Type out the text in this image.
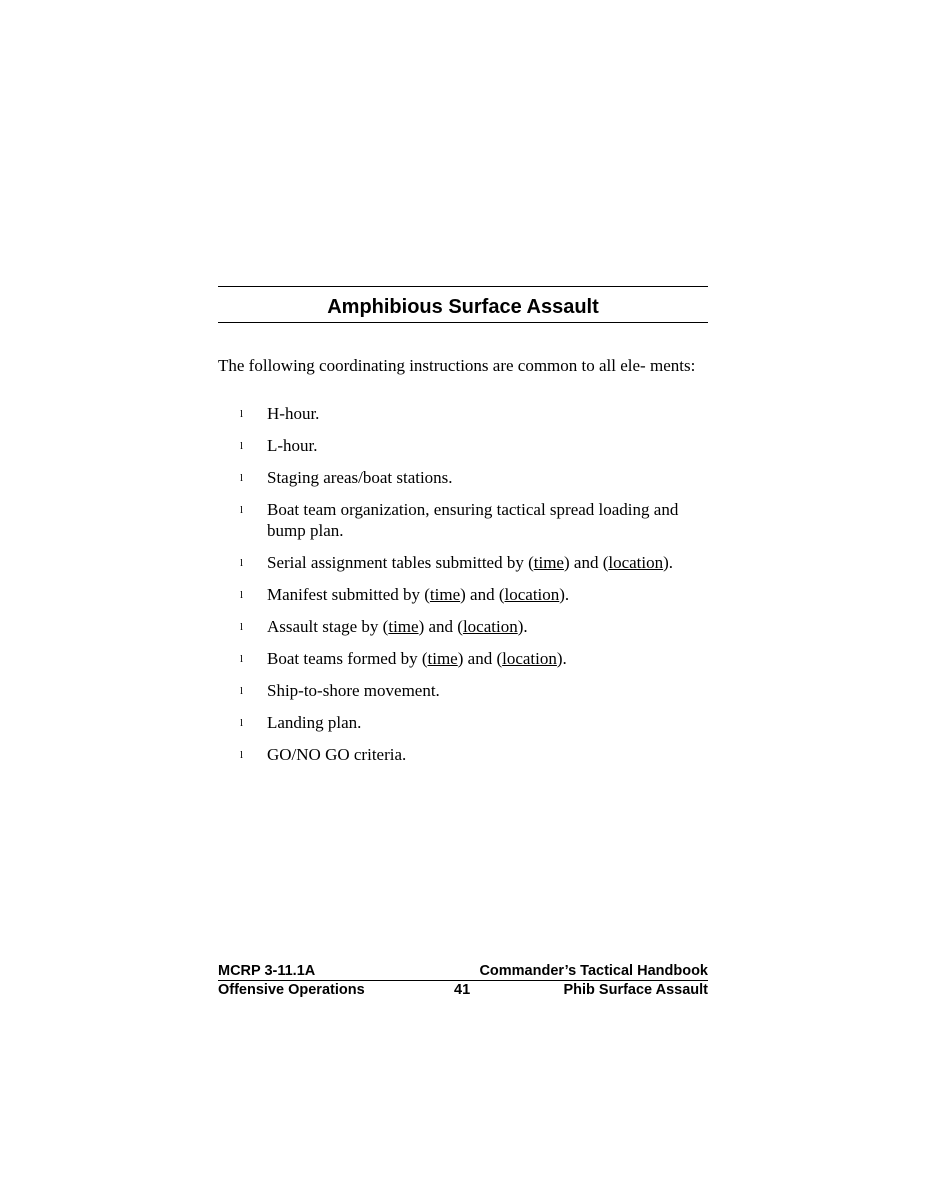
Amphibious Surface Assault

The following coordinating instructions are common to all ele- ments:

l H-hour.
l L-hour.
l Staging areas/boat stations.
l Boat team organization, ensuring tactical spread loading and bump plan.
l Serial assignment tables submitted by (time) and (location).
l Manifest submitted by (time) and (location).
l Assault stage by (time) and (location).
l Boat teams formed by (time) and (location).
l Ship-to-shore movement.
l Landing plan.
l GO/NO GO criteria.
MCRP 3-11.1A	Commander’s Tactical Handbook
Offensive Operations	41	Phib Surface Assault
